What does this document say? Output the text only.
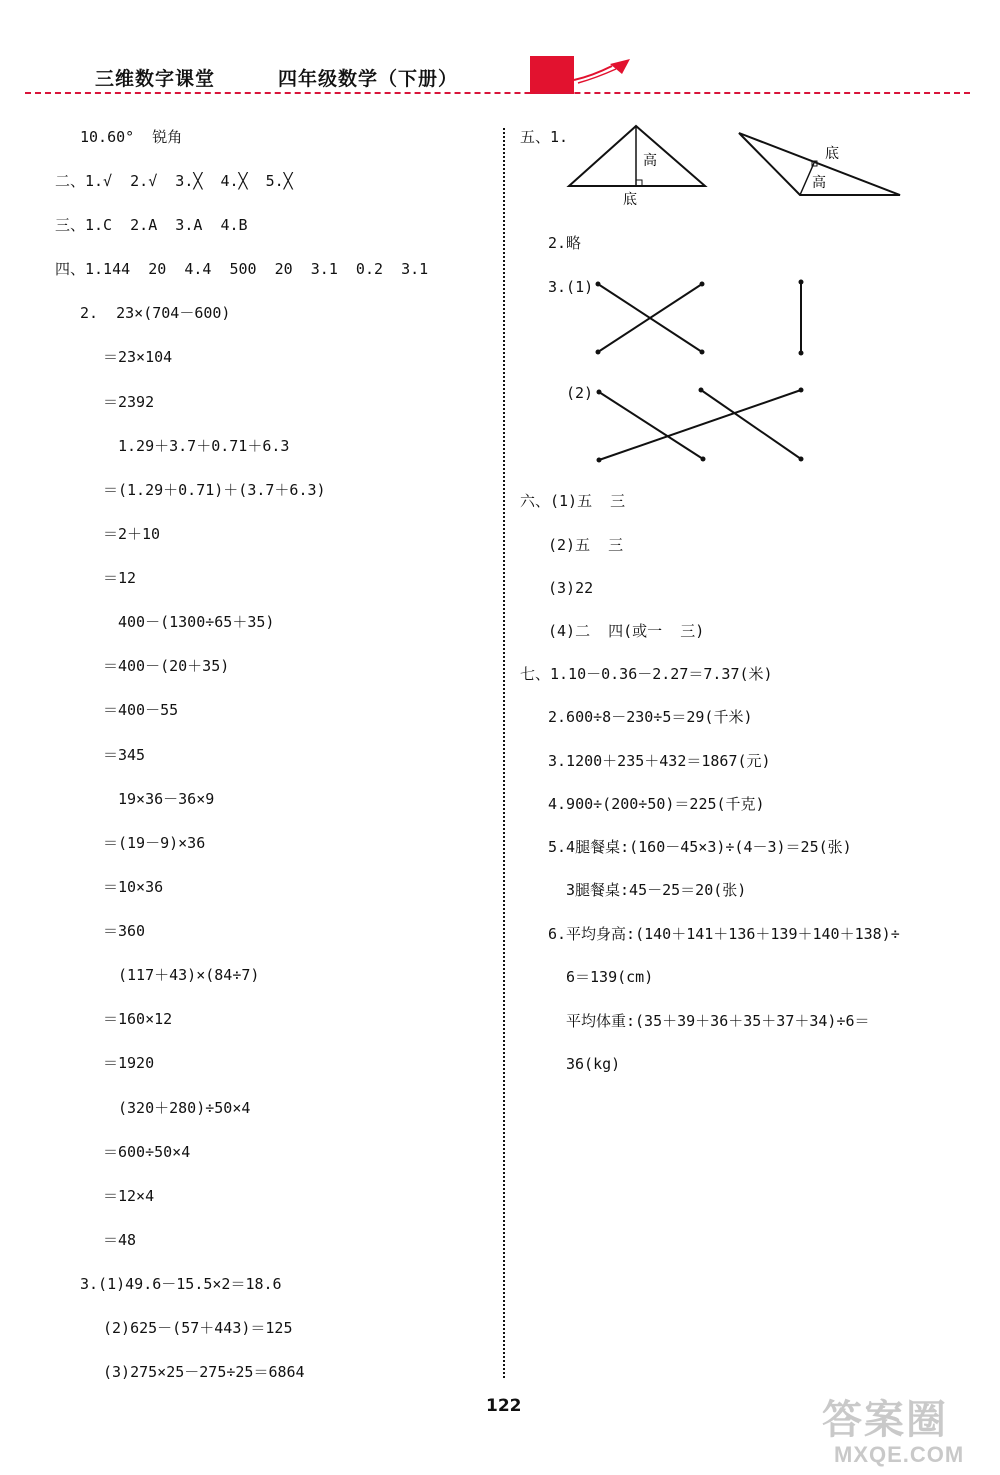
三维数字课堂	四年级数学（下册）
10.60°  锐角
二、1.√  2.√  3.╳  4.╳  5.╳
三、1.C  2.A  3.A  4.B
四、1.144  20  4.4  500  20  3.1  0.2  3.1
2.  23×(704－600)
＝23×104
＝2392
1.29＋3.7＋0.71＋6.3
＝(1.29＋0.71)＋(3.7＋6.3)
＝2＋10
＝12
400－(1300÷65＋35)
＝400－(20＋35)
＝400－55
＝345
19×36－36×9
＝(19－9)×36
＝10×36
＝360
(117＋43)×(84÷7)
＝160×12
＝1920
(320＋280)÷50×4
＝600÷50×4
＝12×4
＝48
3.(1)49.6－15.5×2＝18.6
(2)625－(57＋443)＝125
(3)275×25－275÷25＝6864
五、1.
高
底
底
高
2.略
3.(1)
(2)
六、(1)五  三
(2)五  三
(3)22
(4)二  四(或一  三)
七、1.10－0.36－2.27＝7.37(米)
2.600÷8－230÷5＝29(千米)
3.1200＋235＋432＝1867(元)
4.900÷(200÷50)＝225(千克)
5.4腿餐桌:(160－45×3)÷(4－3)＝25(张)
3腿餐桌:45－25＝20(张)
6.平均身高:(140＋141＋136＋139＋140＋138)÷
6＝139(cm)
平均体重:(35＋39＋36＋35＋37＋34)÷6＝
36(kg)
122	答案圈
MXQE.COM
